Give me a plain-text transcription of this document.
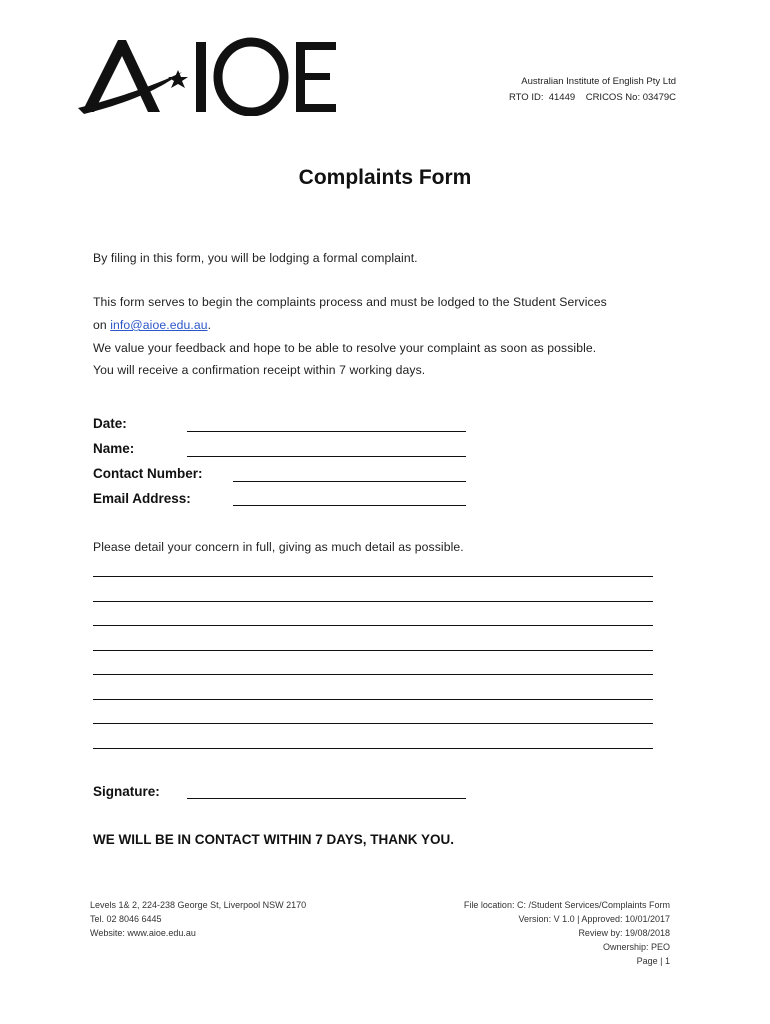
Australian Institute of English Pty Ltd
RTO ID:  41449    CRICOS No: 03479C
Complaints Form
By filing in this form, you will be lodging a formal complaint.
This form serves to begin the complaints process and must be lodged to the Student Services
on info@aioe.edu.au.
We value your feedback and hope to be able to resolve your complaint as soon as possible.
You will receive a confirmation receipt within 7 working days.
Date:
Name:
Contact Number:
Email Address:
Please detail your concern in full, giving as much detail as possible.
Signature:
WE WILL BE IN CONTACT WITHIN 7 DAYS, THANK YOU.
Levels 1& 2, 224-238 George St, Liverpool NSW 2170
Tel. 02 8046 6445
Website: www.aioe.edu.au
File location: C: /Student Services/Complaints Form
Version: V 1.0 | Approved: 10/01/2017
Review by: 19/08/2018
Ownership: PEO
Page | 1
